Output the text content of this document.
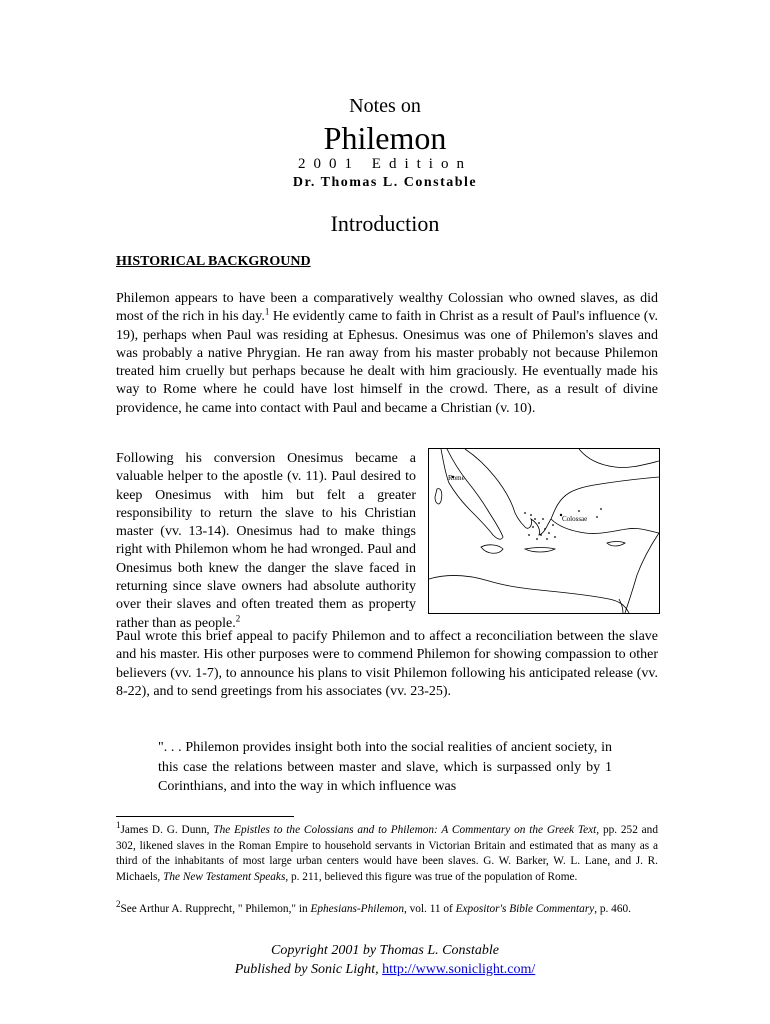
Notes on
Philemon
2001 Edition
Dr. Thomas L. Constable
Introduction
HISTORICAL BACKGROUND

Philemon appears to have been a comparatively wealthy Colossian who owned slaves, as did most of the rich in his day.$^1$ He evidently came to faith in Christ as a result of Paul's influence (v. 19), perhaps when Paul was residing at Ephesus. Onesimus was one of Philemon's slaves and was probably a native Phrygian. He ran away from his master probably not because Philemon treated him cruelly but perhaps because he dealt with him graciously. He eventually made his way to Rome where he could have lost himself in the crowd. There, as a result of divine providence, he came into contact with Paul and became a Christian (v. 10).

Following his conversion Onesimus became a valuable helper to the apostle (v. 11). Paul desired to keep Onesimus with him but felt a greater responsibility to return the slave to his Christian master (vv. 13-14). Onesimus had to make things right with Philemon whom he had wronged. Paul and Onesimus both knew the danger the slave faced in returning since slave owners had absolute authority over their slaves and often treated them as property rather than as people.$^2$

Rome
Colossae

Paul wrote this brief appeal to pacify Philemon and to affect a reconciliation between the slave and his master. His other purposes were to commend Philemon for showing compassion to other believers (vv. 1-7), to announce his plans to visit Philemon following his anticipated release (vv. 8-22), and to send greetings from his associates (vv. 23-25).

". . . Philemon provides insight both into the social realities of ancient society, in this case the relations between master and slave, which is surpassed only by 1 Corinthians, and into the way in which influence was

$^1$James D. G. Dunn, The Epistles to the Colossians and to Philemon: A Commentary on the Greek Text, pp. 252 and 302, likened slaves in the Roman Empire to household servants in Victorian Britain and estimated that as many as a third of the inhabitants of most large urban centers would have been slaves. G. W. Barker, W. L. Lane, and J. R. Michaels, The New Testament Speaks, p. 211, believed this figure was true of the population of Rome.

$^2$See Arthur A. Rupprecht, " Philemon," in Ephesians-Philemon, vol. 11 of Expositor's Bible Commentary, p. 460.

Copyright 2001 by Thomas L. Constable
Published by Sonic Light, http://www.soniclight.com/
